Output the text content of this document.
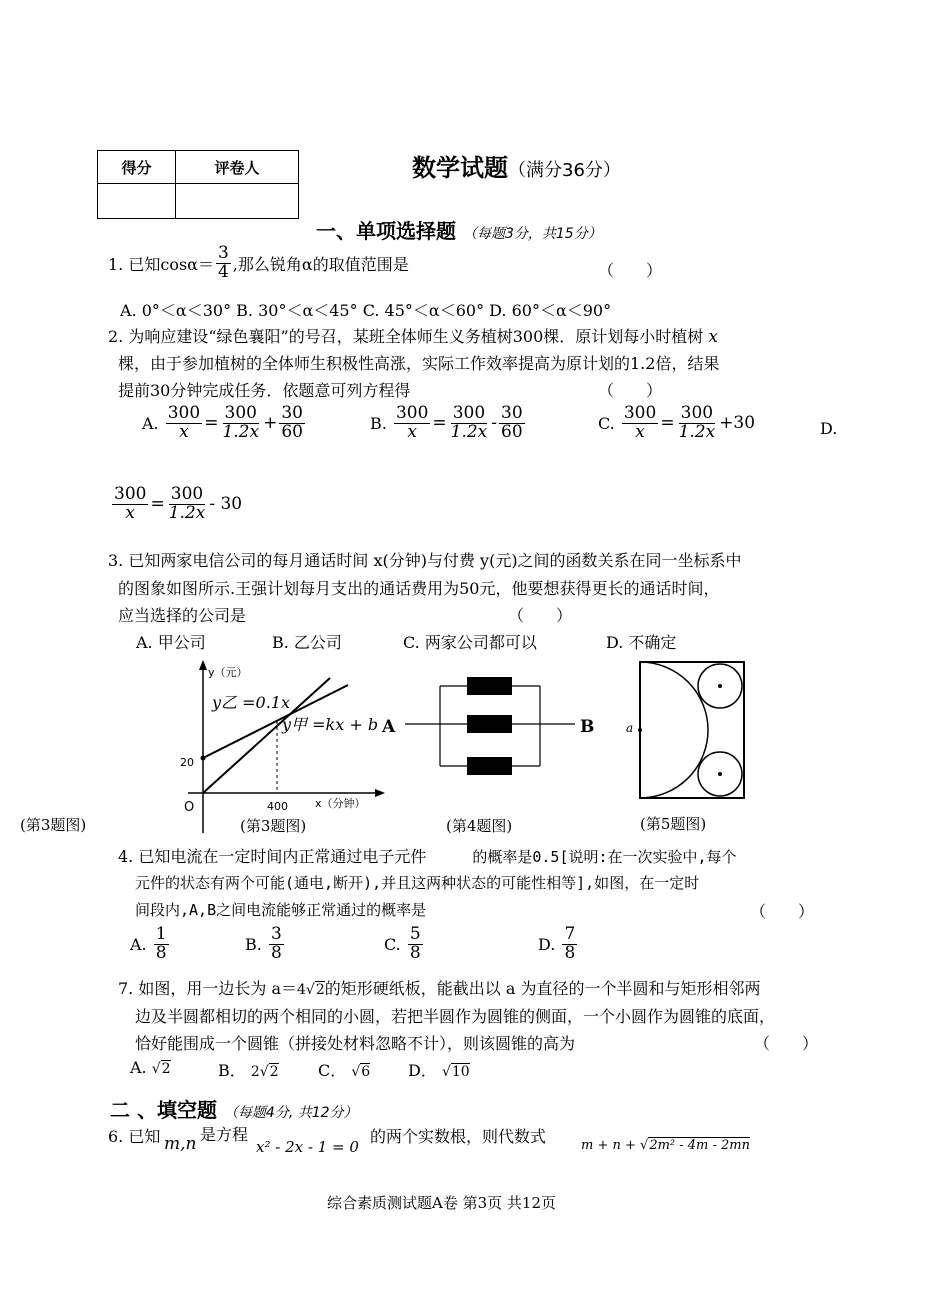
得分	评卷人
		数学试题（满分36分）
一、单项选择题 （每题3分，共15分）
1. 已知$\cos\alpha= \frac{3}{4}$ ,那么锐角α的取值范围是	（　　）
A. 0°＜α＜30° B. 30°＜α＜45° C. 45°＜α＜60° D. 60°＜α＜90°
2. 为响应建设“绿色襄阳”的号召，某班全体师生义务植树300棵．原计划每小时植树 x
棵，由于参加植树的全体师生积极性高涨，实际工作效率提高为原计划的1.2倍，结果
提前30分钟完成任务．依题意可列方程得	（　　）
A.
$\frac{300}{x} = \frac{300}{1.2x} + \frac{30}{60}$	B.
$\frac{300}{x} = \frac{300}{1.2x} - \frac{30}{60}$	C.
$\frac{300}{x} = \frac{300}{1.2x} +30$	D.
$\frac{300}{x} = \frac{300}{1.2x} - 30$
3. 已知两家电信公司的每月通话时间 x(分钟)与付费 y(元)之间的函数关系在同一坐标系中
的图象如图所示.王强计划每月支出的通话费用为50元，他要想获得更长的通话时间，
应当选择的公司是	（　　）
A. 甲公司	B. 乙公司	C. 两家公司都可以	D. 不确定
y（元）
x（分钟）
O
20
400
y乙 =0.1x
y甲 =kx + b
(第3题图)
(第3题图)
A	B
(第4题图)
a
(第5题图)
4. 已知电流在一定时间内正常通过电子元件	的概率是0.5[说明:在一次实验中,每个
元件的状态有两个可能(通电,断开),并且这两种状态的可能性相等],如图，在一定时
间段内,A,B之间电流能够正常通过的概率是	（　　）
A.
$\frac{1}{8}$	B.
$\frac{3}{8}$	C.
$\frac{5}{8}$	D.
$\frac{7}{8}$
7. 如图，用一边长为 a＝4√2的矩形硬纸板，能截出以 a 为直径的一个半圆和与矩形相邻两
边及半圆都相切的两个相同的小圆，若把半圆作为圆锥的侧面，一个小圆作为圆锥的底面，
恰好能围成一个圆锥（拼接处材料忽略不计），则该圆锥的高为	（　　）
A. √2	B． 2√2 C． √6 D． √10
二 、填空题 （每题4分, 共12分）
6. 已知 m,n 是方程
x² - 2x - 1 = 0
的两个实数根，则代数式	m + n + √2m² - 4m - 2mn
综合素质测试题A卷 第3页 共12页
